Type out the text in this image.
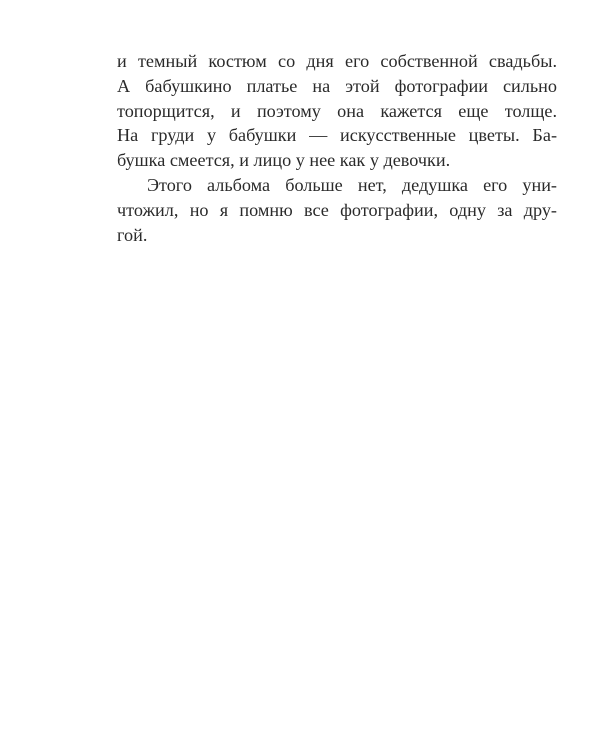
и темный костюм со дня его собственной свадьбы.
А бабушкино платье на этой фотографии сильно
топорщится, и поэтому она кажется еще толще.
На груди у бабушки — искусственные цветы. Ба-
бушка смеется, и лицо у нее как у девочки.
Этого альбома больше нет, дедушка его уни-
чтожил, но я помню все фотографии, одну за дру-
гой.
